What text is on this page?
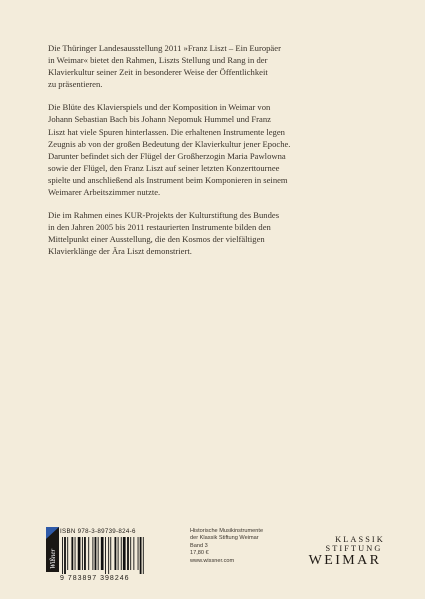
Die Thüringer Landesausstellung 2011 »Franz Liszt – Ein Europäer
in Weimar« bietet den Rahmen, Liszts Stellung und Rang in der
Klavierkultur seiner Zeit in besonderer Weise der Öffentlichkeit
zu präsentieren.

Die Blüte des Klavierspiels und der Komposition in Weimar von
Johann Sebastian Bach bis Johann Nepomuk Hummel und Franz
Liszt hat viele Spuren hinterlassen. Die erhaltenen Instrumente legen
Zeugnis ab von der großen Bedeutung der Klavierkultur jener Epoche.
Darunter befindet sich der Flügel der Großherzogin Maria Pawlowna
sowie der Flügel, den Franz Liszt auf seiner letzten Konzerttournee
spielte und anschließend als Instrument beim Komponieren in seinem
Weimarer Arbeitszimmer nutzte.

Die im Rahmen eines KUR-Projekts der Kulturstiftung des Bundes
in den Jahren 2005 bis 2011 restaurierten Instrumente bilden den
Mittelpunkt einer Ausstellung, die den Kosmos der vielfältigen
Klavierklänge der Ära Liszt demonstriert.

Wißner
ISBN 978-3-89739-824-6
9 783897 398246
Historische Musikinstrumente
der Klassik Stiftung Weimar
Band 3
17,80 €
www.wissner.com
KLASSIK
STIFTUNG
WEIMAR
